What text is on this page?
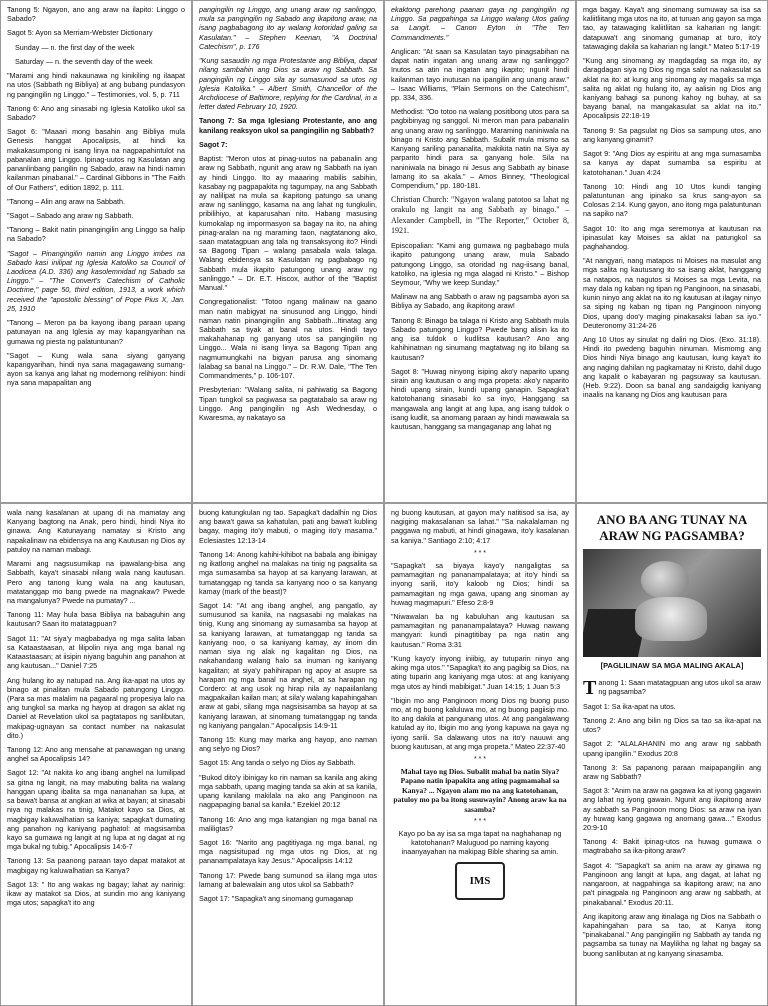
Tanong 5: Ngayon, ano ang araw na ilapito: Linggo o Sabado?

Sagot 5: Ayon sa Merriam-Webster Dictionary

Sunday — n. the first day of the week

Saturday — n. the seventh day of the week

"Marami ang hindi nakaunawa ng kinikiling ng ilaapat na utos (Sabbath ng Bibliya) at ang bubang pundasyon ng pangingilin ng Linggo." – Testimonies, vol. 5, p. 711

Tanong 6: Ano ang sinasabi ng Iglesia Katoliko ukol sa Sabado?

Sagot 6: "Maaari mong basahin ang Bibliya mula Genesis hanggat Apocalipsis, at hindi ka makakasumpong ni isang linya na nagpapahintulot na pabanalan ang Linggo. Ipinag-uutos ng Kasulatan ang pananlinbang pangilin ng Sabado, araw na hindi namin kailanman pinabanal." – Cardinal Gibbons in "The Faith of Our Fathers", edition 1892, p. 111.

"Tanong – Alin ang araw na Sabbath.

"Sagot – Sabado ang araw ng Sabbath.

"Tanong – Bakit natin pinangingilin ang Linggo sa halip na Sabado?

"Sagot – Pinangingilin namin ang Linggo imbes na Sabado kasi inilipat ng Iglesia Katoliko sa Council of Laodicea (A.D. 336) ang kasolemnidad ng Sabado sa Linggo." – "The Convert's Catechism of Catholic Doctrine," page 50, third edition, 1913, a work which received the "apostolic blessing" of Pope Pius X, Jan. 25, 1910

"Tanong – Meron pa ba kayong ibang paraan upang patunayan na ang Iglesia ay may kapangyarihan na gumawa ng piesta ng palatuntunan?

"Sagot – Kung wala sana siyang ganyang kapangyarihan, hindi nya sana magagawang sumang-ayon sa kanya ang lahat ng modernong relihiyon: hindi nya sana mapapalitan ang

pangingilin ng Linggo, ang unang araw ng sanlinggo, mula sa pangingilin ng Sabado ang ikapitong araw, na isang pagbabagong ito ay walang kotoridad galing sa Kasulatan." – Stephen Keenan, "A Doctrinal Catechism", p. 176

"Kung sasaudin ng mga Protestante ang Bibliya, dapat nilang sambahin ang Dios sa araw ng Sabbath. Sa pangingilin ng Linggo sila ay sumasunod sa utos ng Iglesia Katolika." – Albert Smith, Chancellor of the Archdiocese of Baltimore, replying for the Cardinal, in a letter dated February 10, 1920.

Tanong 7: Sa mga Iglesiang Protestante, ano ang kanilang reaksyon ukol sa pangingilin ng Sabbath?

Sagot 7:

Baptist: "Meron utos at pinag-uutos na pabanalin ang araw ng Sabbath, ngunit ang araw ng Sabbath na iyan ay hindi Linggo. Ito ay maaaring mabilis sabihin, kasabay ng pagpapakita ng tagumpay, na ang Sabbath ay nalilipat na mula sa ikapitong patungo sa unang araw ng sanlinggo, kasama na ang lahat ng tungkulin, pribilihiyo, at kaparusahan nito. Habang masusing kumokalap ng impormasyon sa bagay na ito, na ahing pinag-aralan na ng maraming taon, nagtatanong ako, saan matatagpuan ang tala ng transaksyong ito? Hindi sa Bagong Tipan – walang pasabala wala talaga. Walang ebidensya sa Kasulatan ng pagbabago ng Sabbath mula ikapito patungong unang araw ng sanlinggo." – Dr. E.T. Hiscox, author of the "Baptist Manual."

Congregationalist: "Totoo ngang malinaw na gaano man natin mabigyat na sinusunod ang Linggo, hindi naman natin pinangingilin ang Sabbath...Itinatag ang Sabbath sa tiyak at banal na utos. Hindi tayo makahahanap ng ganyang utos sa pangingilin ng Linggo... Wala ni isang linya sa Bagong Tipan ang nagmumungkahi na bigyan parusa ang sinomang lalabag sa banal na Linggo." – Dr. R.W. Dale, "The Ten Commandments," p. 106-107.

Presbyterian: "Walang salita, ni pahiwatig sa Bagong Tipan tungkol sa pagiwasa sa pagtatabalo sa araw ng Linggo. Ang pangingilin ng Ash Wednesday, o Kwaresma, ay nakatayo sa

ekaktong parehong paanan gaya ng pangingilin ng Linggo. Sa pagpahinga sa Linggo walang Utos galing sa Langit. – Canon Eyton in "The Ten Commandments."

Anglican: "At saan sa Kasulatan tayo pinagsabihan na dapat natin ingatan ang unang araw ng sanlinggo? Inutos sa atin na ingatan ang ikapito; ngunit hindi kailanman tayo inutusan na ipangilin ang unang araw." – Isaac Williams, "Plain Sermons on the Catechism", pp. 334, 336.

Methodist: "Oo totoo na walang positibong utos para sa pagbibinyag ng sanggol. Ni meron man para pabanalin ang unang araw ng sanlinggo. Maraming naniniwala na binago ni Kristo ang Sabbath. Subalit mula mismo sa Kanyang sariling pananalita, makikita natin na Siya ay parparito hindi para sa ganyang hole. Sila na naniniwala na binago ni Jesus ang Sabbath ay binase lamang ito sa akala." – Amos Binney, "Theological Compendium," pp. 180-181.

Christian Church: "Ngayon walang patotoo sa lahat ng orakulo ng langit na ang Sabbath ay binago." – Alexander Campbell, in "The Reporter," October 8, 1921.

Episcopalian: "Kami ang gumawa ng pagbabago mula ikapito patungong unang araw, mula Sabado patungong Linggo, sa otoridad ng nag-iisang banal, katoliko, na iglesia ng mga alagad ni Kristo." – Bishop Seymour, "Why we keep Sunday."

Malinaw na ang Sabbath o araw ng pagsamba ayon sa Bibliya ay Sabado, ang ikapitong araw!

Tanong 8: Binago ba talaga ni Kristo ang Sabbath mula Sabado patungong Linggo? Pwede bang alisin ka ito ang isa tuldok o kudlitsa kautusan? Ano ang kahihinatnan ng sinumang magtatwag ng ito bilang sa kautusan?

Sagot 8: "Huwag ninyong isiping ako'y naparito upang sirain ang kautusan o ang mga propeta: ako'y naparito hindi upang sirain, kundi upang ganapin. Sapagka't katotohanang sinasabi ko sa inyo, Hanggang sa mangawala ang langit at ang lupa, ang isang tuldok o isang kudlit, sa anomang paraan ay hindi mawawala sa kautusan, hanggang sa mangaganap ang lahat ng

mga bagay. Kaya't ang sinomang sumuway sa isa sa kaliitliitang mga utos na ito, at turuan ang gayon sa mga tao, ay tatawaging kaliitliitan sa kaharian ng langit: datapuwa't ang sinomang gumanap at turo, ito'y tatawaging dakila sa kaharian ng langit." Mateo 5:17-19

"Kung ang sinomang ay magdagdag sa mga ito, ay daragdagan siya ng Dios ng mga salot na nakasulat sa aklat na ito: at kung ang sinomang ay magalis sa mga salita ng aklat ng hulang ito, ay aalisin ng Dios ang kaniyang bahagi sa punong kahoy ng buhay, at sa bayang banal, na mangakasulat sa aklat na ito." Apocalipsis 22:18-19

Tanong 9: Sa pagsulat ng Dios sa sampung utos, ano ang kanyang ginamit?

Sagot 9: "Ang Dios ay espiritu at ang mga sumasamba sa kanya ay dapat sumamba sa espiritu at katotohanan." Juan 4:24

Tanong 10: Hindi ang 10 Utos kundi tanging palatuntunan ang ipinako sa krus sang-ayon sa Colosas 2:14. Kung gayon, ano itong mga palatuntunan na sapiko na?

Sagot 10: Ito ang mga seremonya at kautusan na ipinasulat kay Moises sa aklat na patungkol sa paghahandog.

"At nangyari, nang matapos ni Moises na masulat ang mga salita ng kautusang ito sa isang aklat, hanggang sa natapos, na nagutos si Moises sa mga Levita, na may dala ng kaban ng tipan ng Panginoon, na sinasabi, kunin ninyo ang aklat na ito ng kautusan at ilagay ninyo sa siping ng kaban ng tipan ng Panginoon ninyong Dios, upang doo'y maging pinakasaksi laban sa iyo." Deuteronomy 31:24-26

Ang 10 Utos ay sinulat ng daliri ng Dios. (Exo. 31:18). Hindi ito pwedeng baguhin ninuman. Mismomg ang Dios hindi Niya binago ang kautusan, kung kaya't ito ang naging dahilan ng pagkamatay ni Kristo, dahil dugo ang kapalit o kabayaran ng pagsuway sa kautusan. (Heb. 9:22). Doon sa banal ang sandaigdig kaniyang inaalis na kanang ng Dios ang kautusan para

wala nang kasalanan at upang di na mamatay ang Kanyang bagtong na Anak, pero hindi, hindi Niya ito ginawa. Ang Katunayang namatay si Kristo ang napakalinaw na ebidensya na ang Kautusan ng Dios ay patuloy na naman mabagi.

Marami ang nagsusumikap na ipawalang-bisa ang Sabbath, kaya't sinasabi nilang wala nang kautusan. Pero ang tanong kung wala na ang kautusan, matatanggap mo bang pwede na magnakaw? Pwede na mangalunya? Pwede na pumatay? ...

Tanong 11: May hula basa Bibliya na babaguhin ang kautusan? Saan ito matatagpuan?

Sagot 11: "At siya'y magbabadya ng mga salita laban sa Kataastaasan, at lilipolin niya ang mga banal ng Kataastaasan; at iisipin niyang baguhin ang panahon at ang kautusan..." Daniel 7:25

Ang hulang ito ay natupad na. Ang ika-apat na utos ay binago at pinalitan mula Sabado patungong Linggo. (Para sa mas malalim na pagaaral ng propesiya lalo na ang tungkol sa marka ng hayop at dragon sa aklat ng Daniel at Revelation ukol sa pagtatapos ng sanlibutan, makipag-ugnayan sa contact number na nakasulat dito.)

Tanong 12: Ano ang mensahe at panawagan ng unang anghel sa Apocalipsis 14?

Sagot 12: "At nakita ko ang ibang anghel na lumilipad sa gitna ng langit, na may mabuting balita na walang hanggan upang ibalita sa mga nananahan sa lupa, at sa bawa't bansa at angkan at wika at bayan; at sinasabi niya ng malakas na tinig, Matakot kayo sa Dios, at magbigay kaluwalhatian sa kaniya; sapagka't dumating ang panahon ng kaniyang paghatol: at magsisamba kayo sa gumawa ng langit at ng lupa at ng dagat at ng mga bukal ng tubig." Apocalipsis 14:6-7

Tanong 13: Sa paanong paraan tayo dapat matakot at magbigay ng kaluwalhatian sa Kanya?

Sagot 13: " Ito ang wakas ng bagay; lahat ay narinig: ikaw ay matakot sa Dios, at sundin mo ang kaniyang mga utos; sapagka't ito ang

buong katungkulan ng tao. Sapagka't dadalhin ng Dios ang bawa't gawa sa kahatulan, pati ang bawa't kubling bagay, maging ito'y mabuti, o maging ito'y masama." Eclesiastes 12:13-14

Tanong 14: Anong kahihi-kihibot na babala ang ibinigay ng ikatlong anghel na malakas na tinig ng pagsalita sa mga sumasamba sa hayop at sa kanyang larawan, at tumatanggap ng tanda sa kanyang noo o sa kanyang kamay (mark of the beast)?

Sagot 14: "At ang ibang anghel, ang pangatlo, ay sumusunod sa kanila, na nagsasabi ng malakas na tinig, Kung ang sinomang ay sumasamba sa hayop at sa kaniyang larawan, at tumatanggap ng tanda sa kaniyang noo, o sa kaniyang kamay, ay iinom din naman siya ng alak ng kagalitan ng Dios, na nakahandang walang halo sa inuman ng kaniyang kagalitan; at siya'y pahihirapan ng apoy at asupre sa harapan ng mga banal na anghel, at sa harapan ng Cordero: at ang usok ng hirap nila ay napaiilanlang magpakailan kailan man; at sila'y walang kapahingahan araw at gabi, silang mga nagsisisamba sa hayop at sa kaniyang larawan, at sinomang tumatanggap ng tanda ng kaniyang pangalan." Apocalipsis 14:9-11

Tanong 15: Kung may marka ang hayop, ano naman ang selyo ng Dios?

Sagot 15: Ang tanda o selyo ng Dios ay Sabbath.

"Bukod dito'y ibinigay ko rin naman sa kanila ang aking mga sabbath, upang maging tanda sa akin at sa kanila, upang kanilang makilala na ako ang Panginoon na nagpapaging banal sa kanila." Ezekiel 20:12

Tanong 16: Ano ang mga katangian ng mga banal na maliligtas?

Sagot 16: "Narito ang pagtitiyaga ng mga banal, ng mga nagsisitupad ng mga utos ng Dios, at ng pananampalataya kay Jesus." Apocalipsis 14:12

Tanong 17: Pwede bang sumunod sa iilang mga utos lamang at balewalain ang utos ukol sa Sabbath?

Sagot 17: "Sapagka't ang sinomang gumaganap

ng buong kautusan, at gayon ma'y natitisod sa isa, ay nagiging makasalanan sa lahat." "Sa nakalalaman ng paggawa ng mabuti, at hindi ginagawa, ito'y kasalanan sa kaniya." Santiago 2:10; 4:17

* * *

"Sapagka't sa biyaya kayo'y nangaligtas sa pamamagitan ng pananampalataya; at ito'y hindi sa inyong sarili, ito'y kaloob ng Dios; hindi sa pamamagitan ng mga gawa, upang ang sinoman ay huwag magmapuri." Efeso 2:8-9

"Niwawalan ba ng kabuluhan ang kautusan sa pamamagitan ng pananampalataya? Huwag nawang mangyari: kundi pinagtitibay pa nga natin ang kautusan." Roma 3:31

"Kung kayo'y inyong iniibig, ay tutuparin ninyo ang aking mga utos." "Sapagka't ito ang pagibig sa Dios, na ating tuparin ang kaniyang mga utos: at ang kaniyang mga utos ay hindi mabibigat." Juan 14:15; 1 Juan 5:3

"Ibigin mo ang Panginoon mong Dios ng buong puso mo, at ng buong kaluluwa mo, at ng buong pagiisip mo. Ito ang dakila at pangunang utos. At ang pangalawang katulad ay ito, Ibigin mo ang iyong kapuwa na gaya ng iyong sarili. Sa dalawang utos na ito'y nauuwi ang buong kautusan, at ang mga propeta." Mateo 22:37-40

* * *

Mahal tayo ng Dios. Subalit mahal ba natin Siya? Papano natin ipapakita ang ating pagmamahal sa Kanya? ... Ngayon alam mo na ang katotohanan, patuloy mo pa ba itong susuwayin? Anong araw ka na sasamba?

* * *

Kayo po ba ay isa sa mga tapat na naghahanap ng katotohanan? Maluguod po naming kayong inaanyayahan na makipag Bible sharing sa amin.

IMS
ANO BA ANG TUNAY NA ARAW NG PAGSAMBA?
[PAGLILINAW SA MGA MALING AKALA]

Tanong 1: Saan matatagpuan ang utos ukol sa araw ng pagsamba?

Sagot 1: Sa ika-apat na utos.

Tanong 2: Ano ang bilin ng Dios sa tao sa ika-apat na utos?

Sagot 2: "ALALAHANIN mo ang araw ng sabbath upang ipangilin." Exodus 20:8

Tanong 3: Sa papanong paraan maipapangilin ang araw ng Sabbath?

Sagot 3: "Anim na araw na gagawa ka at iyong gagawin ang lahat ng iyong gawain. Ngunit ang ikapitong araw ay sabbath sa Panginoon mong Dios: sa araw na iyan ay huwag kang gagawa ng anomang gawa..." Exodus 20:9-10

Tanong 4: Bakit ipinag-utos na huwag gumawa o magtrabaho sa ika-pitong araw?

Sagot 4: "Sapagka't sa anim na araw ay ginawa ng Panginoon ang langit at lupa, ang dagat, at lahat ng nangaroon, at nagpahinga sa ikapitong araw; na ano pa't pinagpala ng Panginoon ang araw ng sabbath, at pinakabanal." Exodus 20:11.

Ang ikapitong araw ang itinalaga ng Dios na Sabbath o kapahingahan para sa tao, at Kanya itong "pinakabanal." Ang pangingilin ng Sabbath ay tanda ng pagsamba sa tunay na Maylikha ng lahat ng bagay sa buong sanlibutan at ng kanyang sinasamba.
